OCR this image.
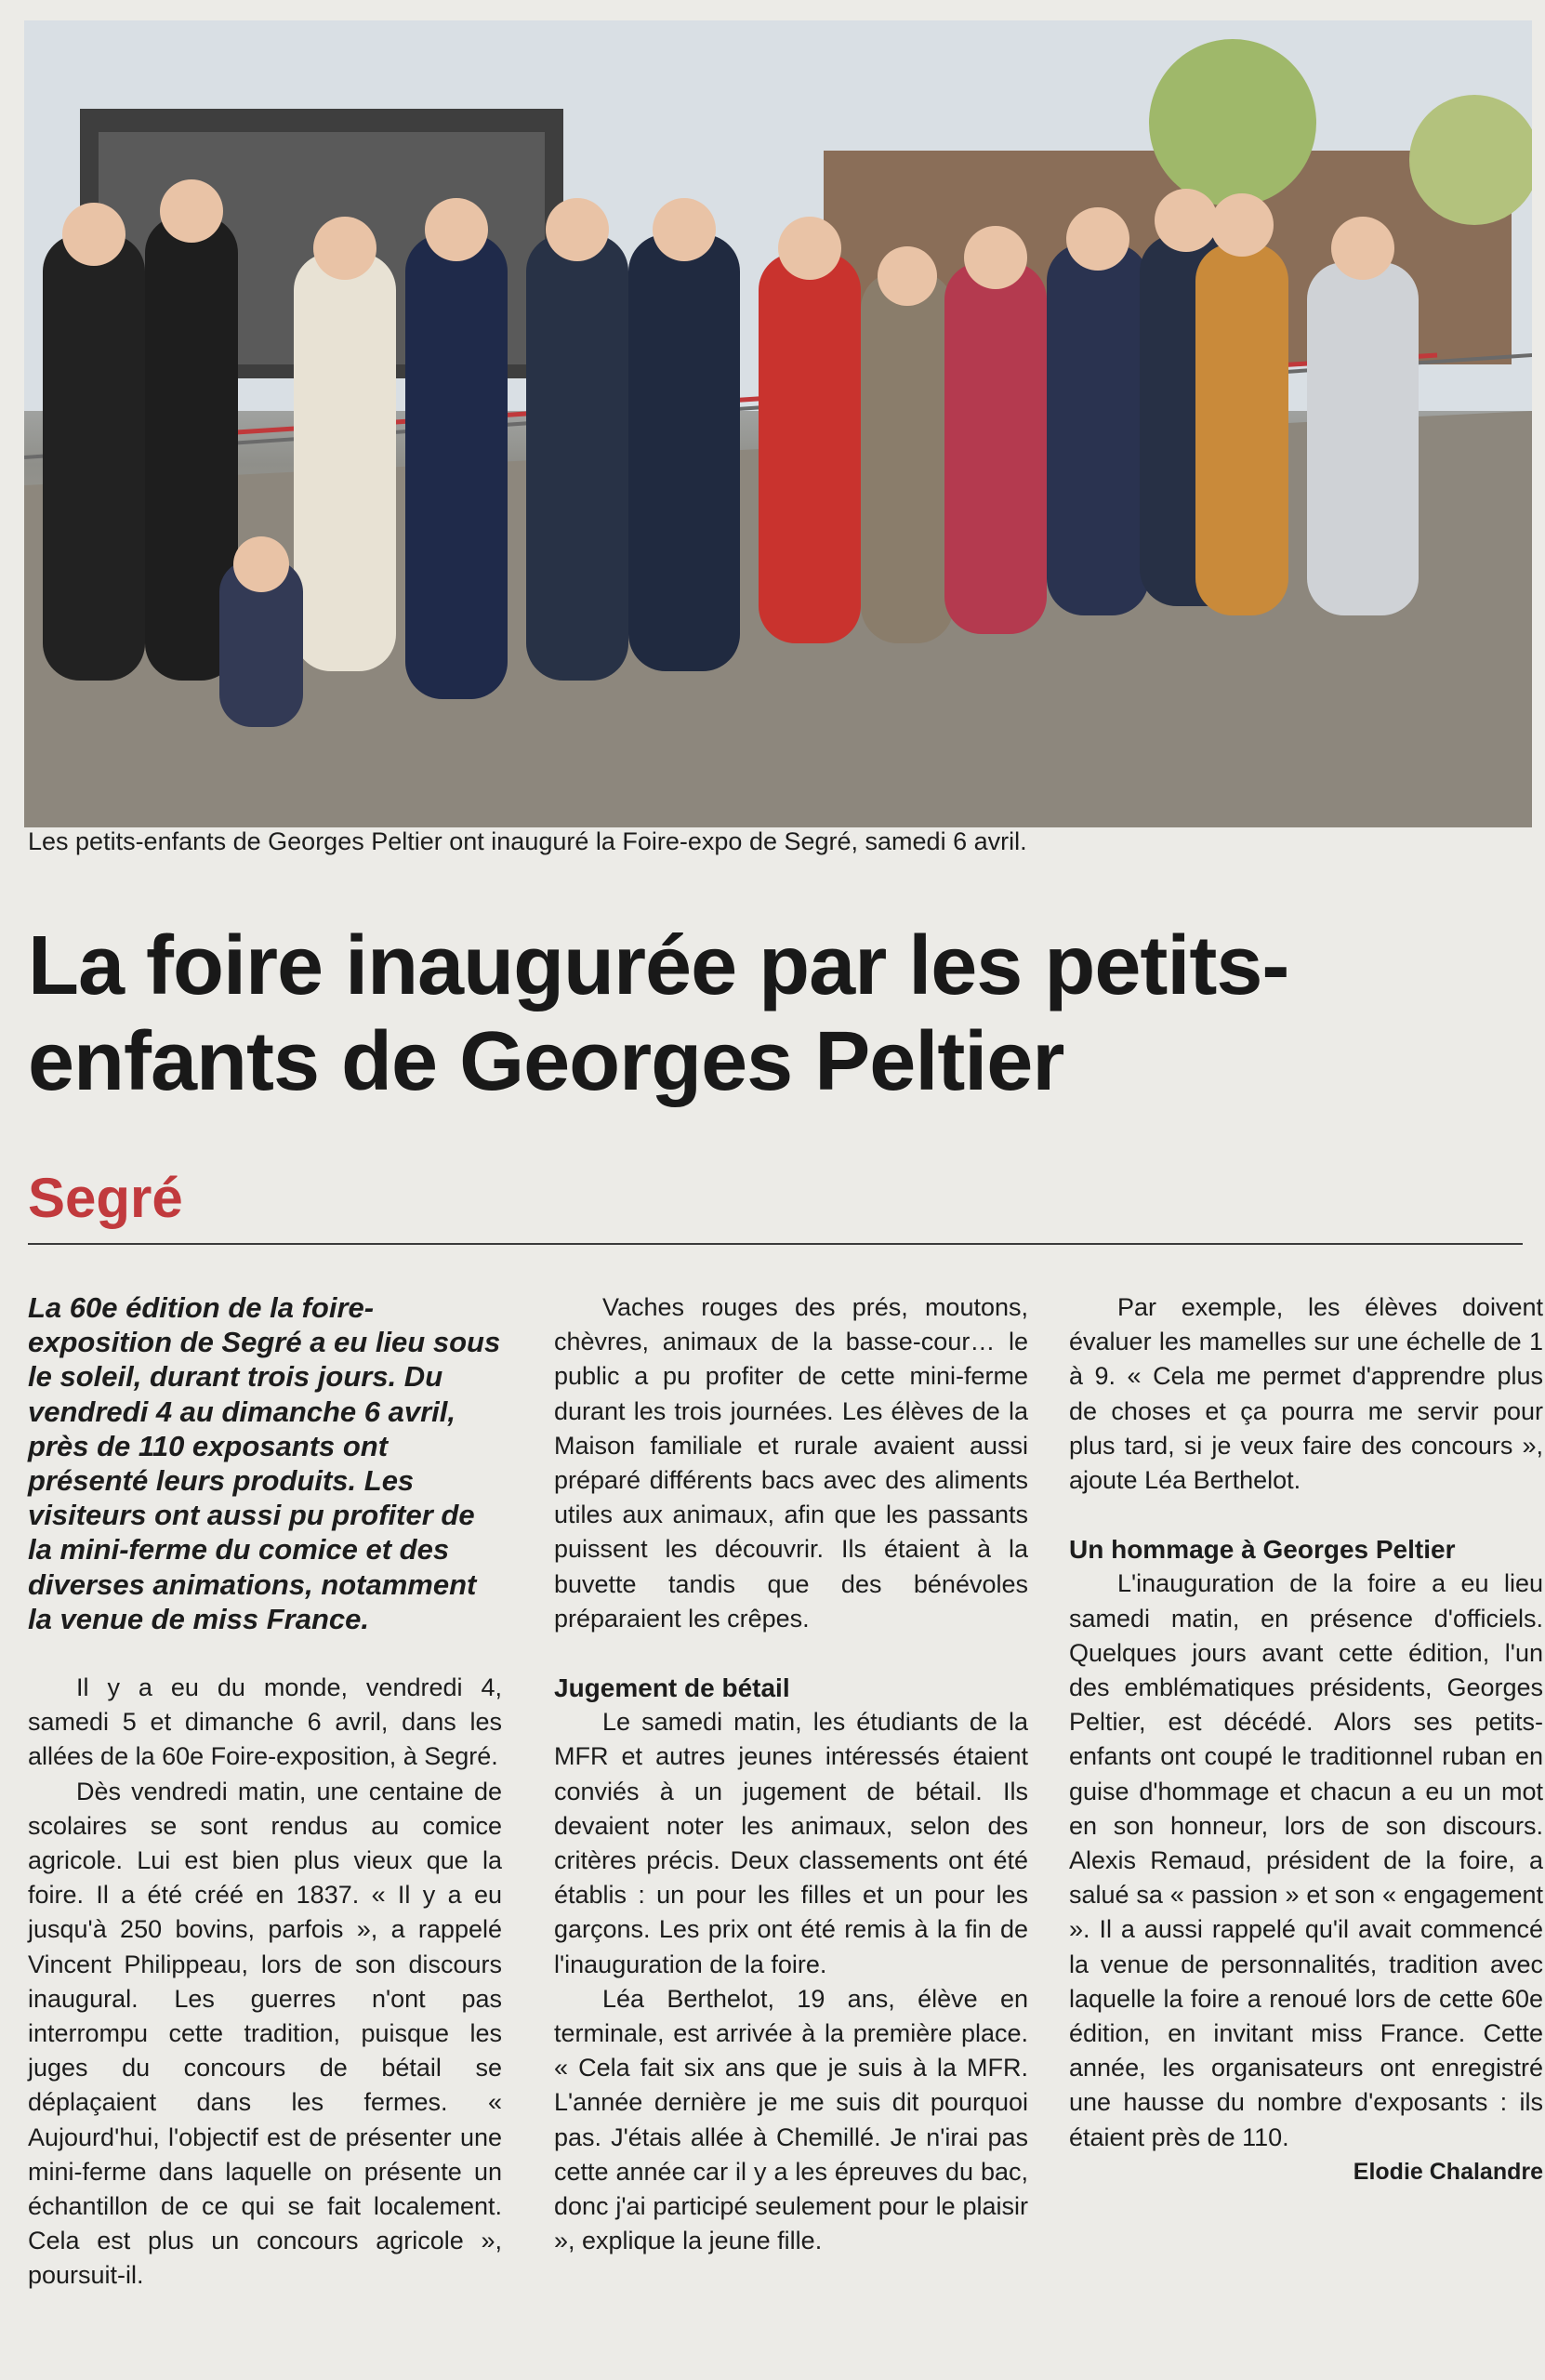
Les petits-enfants de Georges Peltier ont inauguré la Foire-expo de Segré, samedi 6 avril.
La foire inaugurée par les petits-enfants de Georges Peltier
Segré

La 60e édition de la foire-exposition de Segré a eu lieu sous le soleil, durant trois jours. Du vendredi 4 au dimanche 6 avril, près de 110 exposants ont présenté leurs produits. Les visiteurs ont aussi pu profiter de la mini-ferme du comice et des diverses animations, notamment la venue de miss France.

Il y a eu du monde, vendredi 4, samedi 5 et dimanche 6 avril, dans les allées de la 60e Foire-exposition, à Segré.

Dès vendredi matin, une centaine de scolaires se sont rendus au comice agricole. Lui est bien plus vieux que la foire. Il a été créé en 1837. « Il y a eu jusqu'à 250 bovins, parfois », a rappelé Vincent Philippeau, lors de son discours inaugural. Les guerres n'ont pas interrompu cette tradition, puisque les juges du concours de bétail se déplaçaient dans les fermes. « Aujourd'hui, l'objectif est de présenter une mini-ferme dans laquelle on présente un échantillon de ce qui se fait localement. Cela est plus un concours agricole », poursuit-il.

Vaches rouges des prés, moutons, chèvres, animaux de la basse-cour… le public a pu profiter de cette mini-ferme durant les trois journées. Les élèves de la Maison familiale et rurale avaient aussi préparé différents bacs avec des aliments utiles aux animaux, afin que les passants puissent les découvrir. Ils étaient à la buvette tandis que des bénévoles préparaient les crêpes.

Jugement de bétail

Le samedi matin, les étudiants de la MFR et autres jeunes intéressés étaient conviés à un jugement de bétail. Ils devaient noter les animaux, selon des critères précis. Deux classements ont été établis : un pour les filles et un pour les garçons. Les prix ont été remis à la fin de l'inauguration de la foire.

Léa Berthelot, 19 ans, élève en terminale, est arrivée à la première place. « Cela fait six ans que je suis à la MFR. L'année dernière je me suis dit pourquoi pas. J'étais allée à Chemillé. Je n'irai pas cette année car il y a les épreuves du bac, donc j'ai participé seulement pour le plaisir », explique la jeune fille.

Par exemple, les élèves doivent évaluer les mamelles sur une échelle de 1 à 9. « Cela me permet d'apprendre plus de choses et ça pourra me servir pour plus tard, si je veux faire des concours », ajoute Léa Berthelot.

Un hommage à Georges Peltier

L'inauguration de la foire a eu lieu samedi matin, en présence d'officiels. Quelques jours avant cette édition, l'un des emblématiques présidents, Georges Peltier, est décédé. Alors ses petits-enfants ont coupé le traditionnel ruban en guise d'hommage et chacun a eu un mot en son honneur, lors de son discours. Alexis Remaud, président de la foire, a salué sa « passion » et son « engagement ». Il a aussi rappelé qu'il avait commencé la venue de personnalités, tradition avec laquelle la foire a renoué lors de cette 60e édition, en invitant miss France. Cette année, les organisateurs ont enregistré une hausse du nombre d'exposants : ils étaient près de 110.

Elodie Chalandre
